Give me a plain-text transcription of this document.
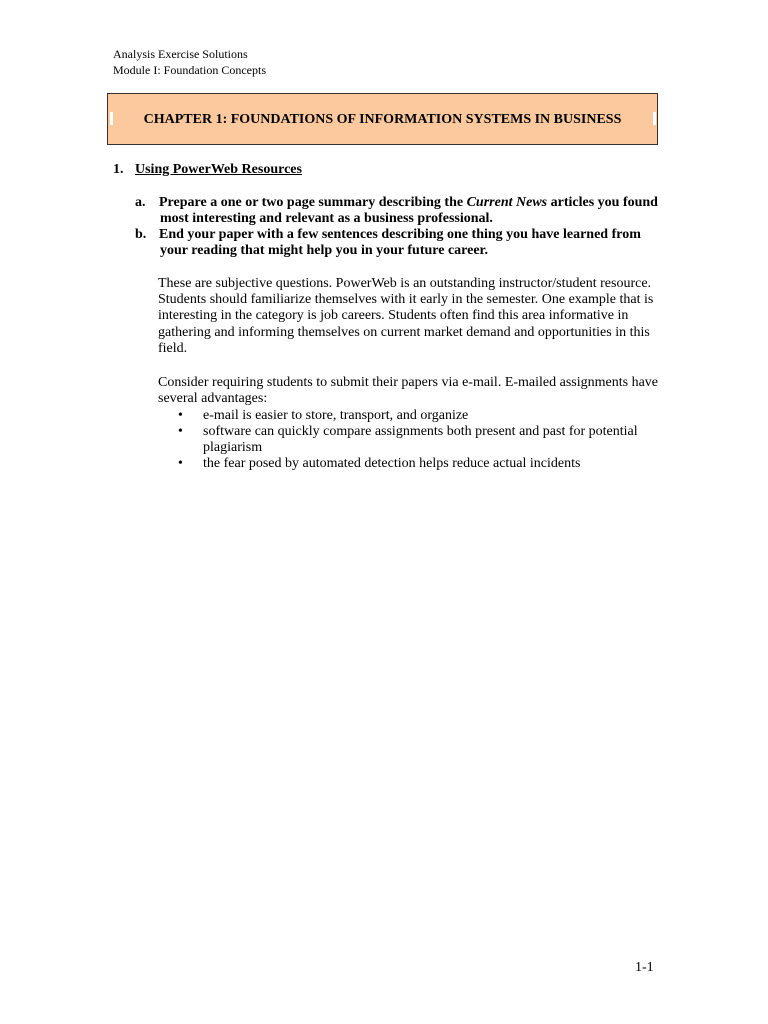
Analysis Exercise Solutions
Module I: Foundation Concepts
CHAPTER 1: FOUNDATIONS OF INFORMATION SYSTEMS IN BUSINESS
1. Using PowerWeb Resources
a. Prepare a one or two page summary describing the Current News articles you found
most interesting and relevant as a business professional.
b. End your paper with a few sentences describing one thing you have learned from
your reading that might help you in your future career.
These are subjective questions. PowerWeb is an outstanding instructor/student resource. Students should familiarize themselves with it early in the semester. One example that is interesting in the category is job careers. Students often find this area informative in gathering and informing themselves on current market demand and opportunities in this field.
Consider requiring students to submit their papers via e-mail. E-mailed assignments have several advantages:
• e-mail is easier to store, transport, and organize
• software can quickly compare assignments both present and past for potential plagiarism
• the fear posed by automated detection helps reduce actual incidents
1-1
